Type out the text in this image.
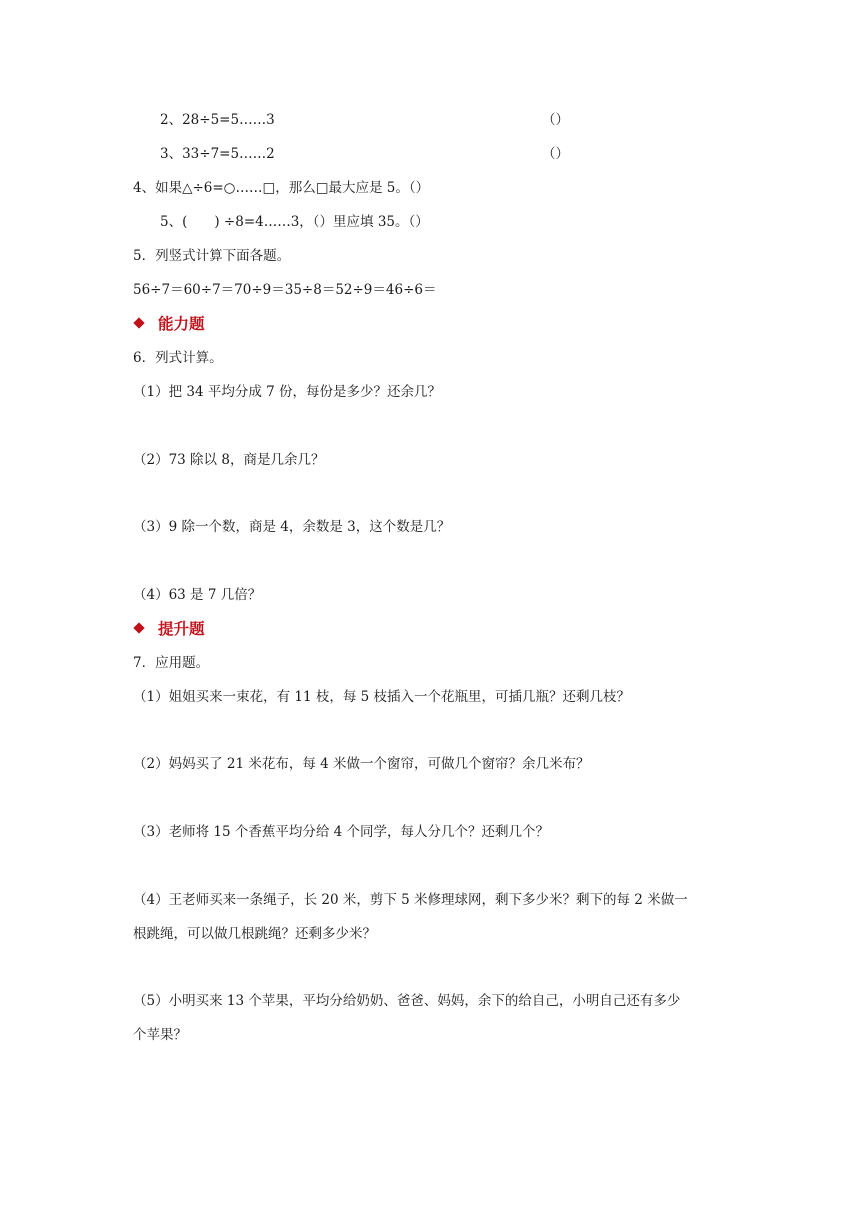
2、28÷5=5……3	（）
3、33÷7=5……2	（）
4、如果△÷6=○……□，那么□最大应是 5。（）
5、(　　) ÷8=4……3，（）里应填 35。（）
5．列竖式计算下面各题。
56÷7＝60÷7＝70÷9＝35÷8＝52÷9＝46÷6＝
能力题
6．列式计算。
（1）把 34 平均分成 7 份，每份是多少？还余几？
（2）73 除以 8，商是几余几？
（3）9 除一个数，商是 4，余数是 3，这个数是几？
（4）63 是 7 几倍？
提升题
7．应用题。
（1）姐姐买来一束花，有 11 枝，每 5 枝插入一个花瓶里，可插几瓶？还剩几枝？
（2）妈妈买了 21 米花布，每 4 米做一个窗帘，可做几个窗帘？余几米布？
（3）老师将 15 个香蕉平均分给 4 个同学，每人分几个？还剩几个？
（4）王老师买来一条绳子，长 20 米，剪下 5 米修理球网，剩下多少米？剩下的每 2 米做一
根跳绳，可以做几根跳绳？还剩多少米？
（5）小明买来 13 个苹果，平均分给奶奶、爸爸、妈妈，余下的给自己，小明自己还有多少
个苹果？
